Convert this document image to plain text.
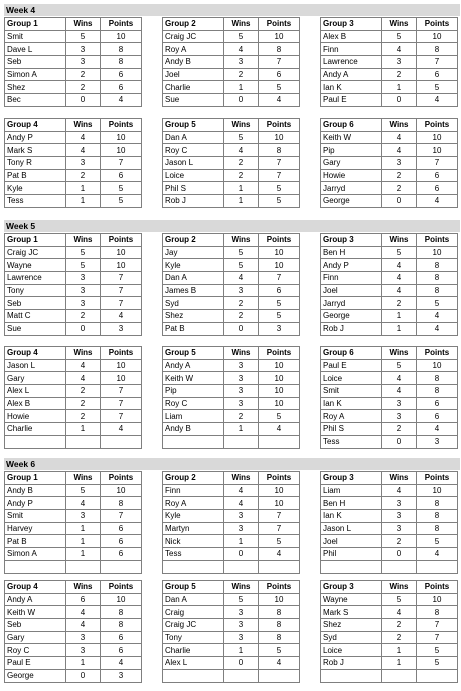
Week 4
Group 1	Wins	Points
Smit	5	10
Dave L	3	8
Seb	3	8
Simon A	2	6
Shez	2	6
Bec	0	4
Group 2	Wins	Points
Craig JC	5	10
Roy A	4	8
Andy B	3	7
Joel	2	6
Charlie	1	5
Sue	0	4
Group 3	Wins	Points
Alex B	5	10
Finn	4	8
Lawrence	3	7
Andy A	2	6
Ian K	1	5
Paul E	0	4
Group 4	Wins	Points
Andy P	4	10
Mark S	4	10
Tony R	3	7
Pat B	2	6
Kyle	1	5
Tess	1	5
Group 5	Wins	Points
Dan A	5	10
Roy C	4	8
Jason L	2	7
Loice	2	7
Phil S	1	5
Rob J	1	5
Group 6	Wins	Points
Keith W	4	10
Pip	4	10
Gary	3	7
Howie	2	6
Jarryd	2	6
George	0	4
Week 5
Group 1	Wins	Points
Craig JC	5	10
Wayne	5	10
Lawrence	3	7
Tony	3	7
Seb	3	7
Matt C	2	4
Sue	0	3
Group 2	Wins	Points
Jay	5	10
Kyle	5	10
Dan A	4	7
James B	3	6
Syd	2	5
Shez	2	5
Pat B	0	3
Group 3	Wins	Points
Ben H	5	10
Andy P	4	8
Finn	4	8
Joel	4	8
Jarryd	2	5
George	1	4
Rob J	1	4
Group 4	Wins	Points
Jason L	4	10
Gary	4	10
Alex L	2	7
Alex B	2	7
Howie	2	7
Charlie	1	4

Group 5	Wins	Points
Andy A	3	10
Keith W	3	10
Pip	3	10
Roy C	3	10
Liam	2	5
Andy B	1	4

Group 6	Wins	Points
Paul E	5	10
Loice	4	8
Smit	4	8
Ian K	3	6
Roy A	3	6
Phil S	2	4
Tess	0	3
Week 6
Group 1	Wins	Points
Andy B	5	10
Andy P	4	8
Smit	3	7
Harvey	1	6
Pat B	1	6
Simon A	1	6

Group 2	Wins	Points
Finn	4	10
Roy A	4	10
Kyle	3	7
Martyn	3	7
Nick	1	5
Tess	0	4

Group 3	Wins	Points
Liam	4	10
Ben H	3	8
Ian K	3	8
Jason L	3	8
Joel	2	5
Phil	0	4

Group 4	Wins	Points
Andy A	6	10
Keith W	4	8
Seb	4	8
Gary	3	6
Roy C	3	6
Paul E	1	4
George	0	3
Group 5	Wins	Points
Dan A	5	10
Craig	3	8
Craig JC	3	8
Tony	3	8
Charlie	1	5
Alex L	0	4

Group 3	Wins	Points
Wayne	5	10
Mark S	4	8
Shez	2	7
Syd	2	7
Loice	1	5
Rob J	1	5
